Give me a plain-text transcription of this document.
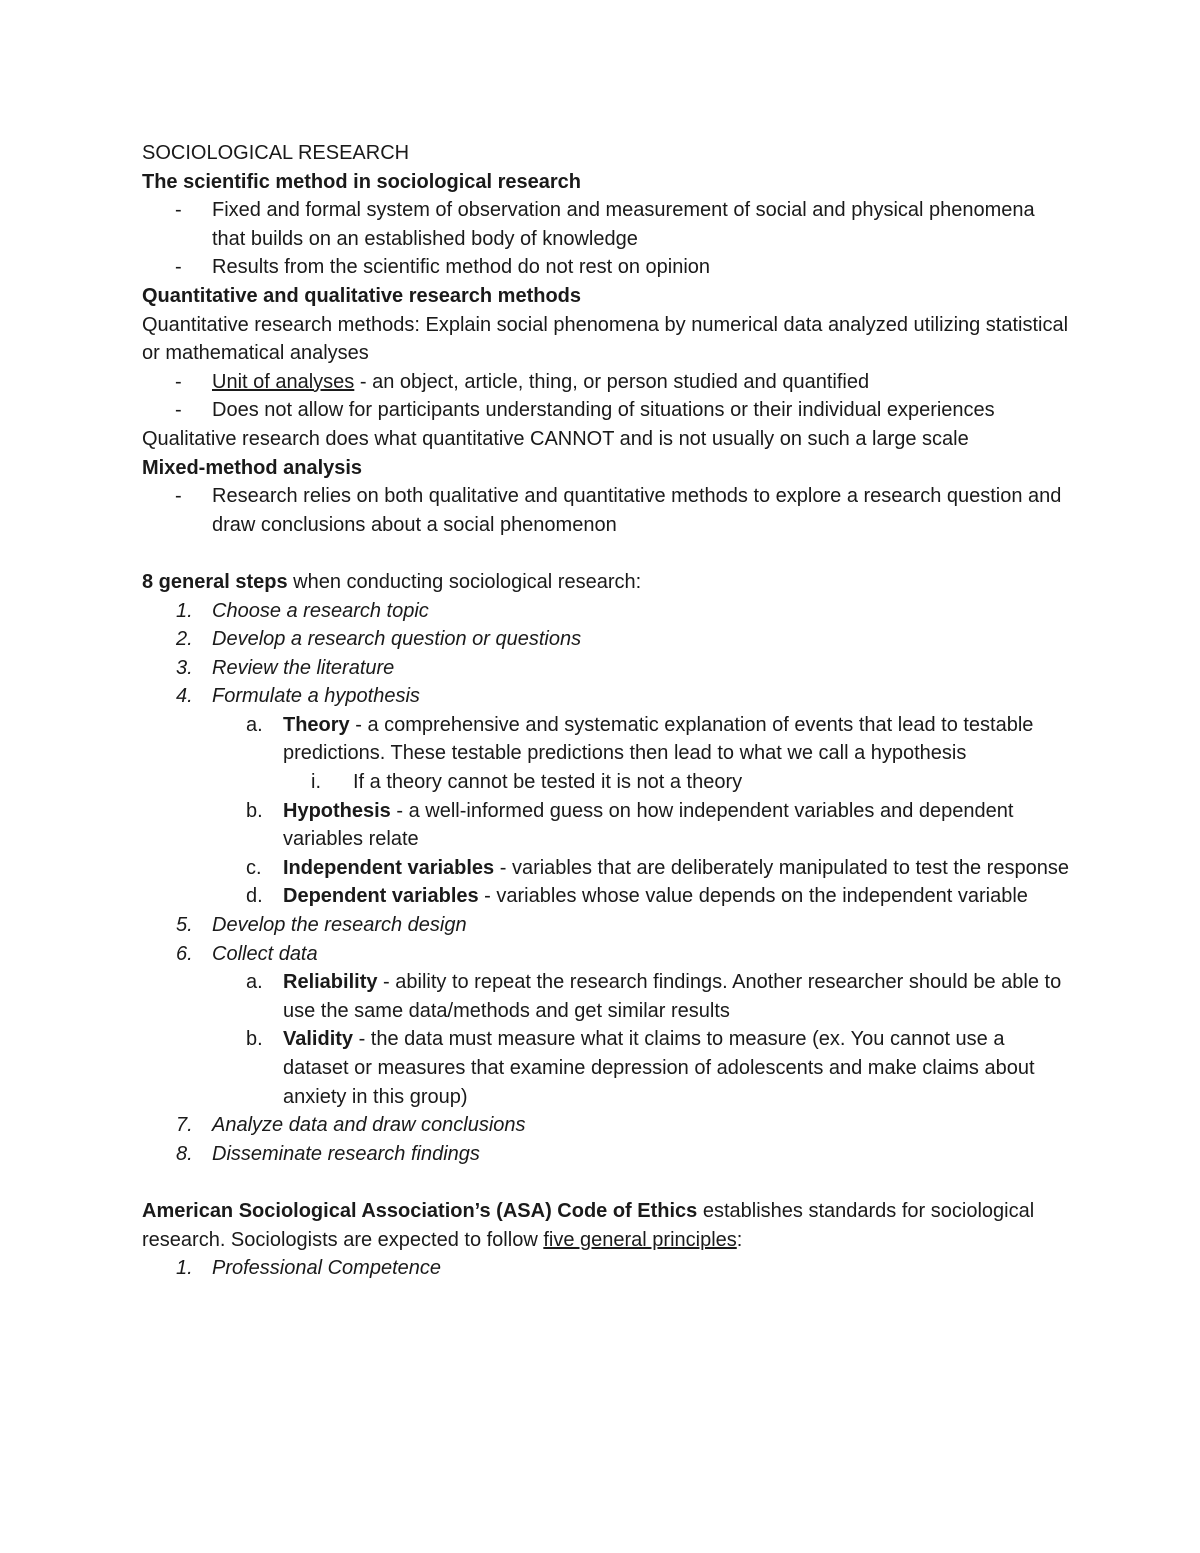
SOCIOLOGICAL RESEARCH
The scientific method in sociological research
- Fixed and formal system of observation and measurement of social and physical phenomena that builds on an established body of knowledge
- Results from the scientific method do not rest on opinion
Quantitative and qualitative research methods
Quantitative research methods: Explain social phenomena by numerical data analyzed utilizing statistical or mathematical analyses
- Unit of analyses - an object, article, thing, or person studied and quantified
- Does not allow for participants understanding of situations or their individual experiences
Qualitative research does what quantitative CANNOT and is not usually on such a large scale
Mixed-method analysis
- Research relies on both qualitative and quantitative methods to explore a research question and draw conclusions about a social phenomenon
8 general steps when conducting sociological research:
1. Choose a research topic
2. Develop a research question or questions
3. Review the literature
4. Formulate a hypothesis
a. Theory - a comprehensive and systematic explanation of events that lead to testable predictions. These testable predictions then lead to what we call a hypothesis
i. If a theory cannot be tested it is not a theory
b. Hypothesis - a well-informed guess on how independent variables and dependent variables relate
c. Independent variables - variables that are deliberately manipulated to test the response
d. Dependent variables - variables whose value depends on the independent variable
5. Develop the research design
6. Collect data
a. Reliability - ability to repeat the research findings. Another researcher should be able to use the same data/methods and get similar results
b. Validity - the data must measure what it claims to measure (ex. You cannot use a dataset or measures that examine depression of adolescents and make claims about anxiety in this group)
7. Analyze data and draw conclusions
8. Disseminate research findings
American Sociological Association’s (ASA) Code of Ethics establishes standards for sociological research. Sociologists are expected to follow five general principles:
1. Professional Competence
